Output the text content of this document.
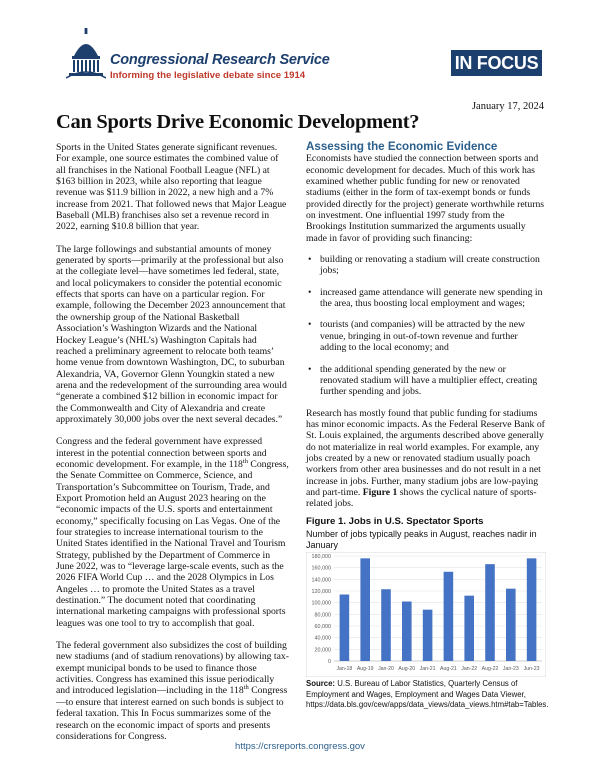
Congressional Research Service
Informing the legislative debate since 1914
IN FOCUS
January 17, 2024
Can Sports Drive Economic Development?

Sports in the United States generate significant revenues. For example, one source estimates the combined value of all franchises in the National Football League (NFL) at $163 billion in 2023, while also reporting that league revenue was $11.9 billion in 2022, a new high and a 7% increase from 2021. That followed news that Major League Baseball (MLB) franchises also set a revenue record in 2022, earning $10.8 billion that year.

The large followings and substantial amounts of money generated by sports—primarily at the professional but also at the collegiate level—have sometimes led federal, state, and local policymakers to consider the potential economic effects that sports can have on a particular region. For example, following the December 2023 announcement that the ownership group of the National Basketball Association’s Washington Wizards and the National Hockey League’s (NHL’s) Washington Capitals had reached a preliminary agreement to relocate both teams’ home venue from downtown Washington, DC, to suburban Alexandria, VA, Governor Glenn Youngkin stated a new arena and the redevelopment of the surrounding area would “generate a combined $12 billion in economic impact for the Commonwealth and City of Alexandria and create approximately 30,000 jobs over the next several decades.”

Congress and the federal government have expressed interest in the potential connection between sports and economic development. For example, in the 118th Congress, the Senate Committee on Commerce, Science, and Transportation’s Subcommittee on Tourism, Trade, and Export Promotion held an August 2023 hearing on the “economic impacts of the U.S. sports and entertainment economy,” specifically focusing on Las Vegas. One of the four strategies to increase international tourism to the United States identified in the National Travel and Tourism Strategy, published by the Department of Commerce in June 2022, was to “leverage large-scale events, such as the 2026 FIFA World Cup … and the 2028 Olympics in Los Angeles … to promote the United States as a travel destination.” The document noted that coordinating international marketing campaigns with professional sports leagues was one tool to try to accomplish that goal.

The federal government also subsidizes the cost of building new stadiums (and of stadium renovations) by allowing tax-exempt municipal bonds to be used to finance those activities. Congress has examined this issue periodically and introduced legislation—including in the 118th Congress—to ensure that interest earned on such bonds is subject to federal taxation. This In Focus summarizes some of the research on the economic impact of sports and presents considerations for Congress.

Assessing the Economic Evidence

Economists have studied the connection between sports and economic development for decades. Much of this work has examined whether public funding for new or renovated stadiums (either in the form of tax-exempt bonds or funds provided directly for the project) generate worthwhile returns on investment. One influential 1997 study from the Brookings Institution summarized the arguments usually made in favor of providing such financing:

• building or renovating a stadium will create construction jobs;
• increased game attendance will generate new spending in the area, thus boosting local employment and wages;
• tourists (and companies) will be attracted by the new venue, bringing in out-of-town revenue and further adding to the local economy; and
• the additional spending generated by the new or renovated stadium will have a multiplier effect, creating further spending and jobs.

Research has mostly found that public funding for stadiums has minor economic impacts. As the Federal Reserve Bank of St. Louis explained, the arguments described above generally do not materialize in real world examples. For example, any jobs created by a new or renovated stadium usually poach workers from other area businesses and do not result in a net increase in jobs. Further, many stadium jobs are low-paying and part-time. Figure 1 shows the cyclical nature of sports-related jobs.

Figure 1. Jobs in U.S. Spectator Sports
Number of jobs typically peaks in August, reaches nadir in January
0
20,000
40,000
60,000
80,000
100,000
120,000
140,000
160,000
180,000
Jan-18 Aug-19 Jan-20 Aug-20 Jan-21 Aug-21 Jan-22 Aug-22 Jan-23 Jun-23
Source: U.S. Bureau of Labor Statistics, Quarterly Census of Employment and Wages, Employment and Wages Data Viewer, https://data.bls.gov/cew/apps/data_views/data_views.htm#tab=Tables.
https://crsreports.congress.gov
